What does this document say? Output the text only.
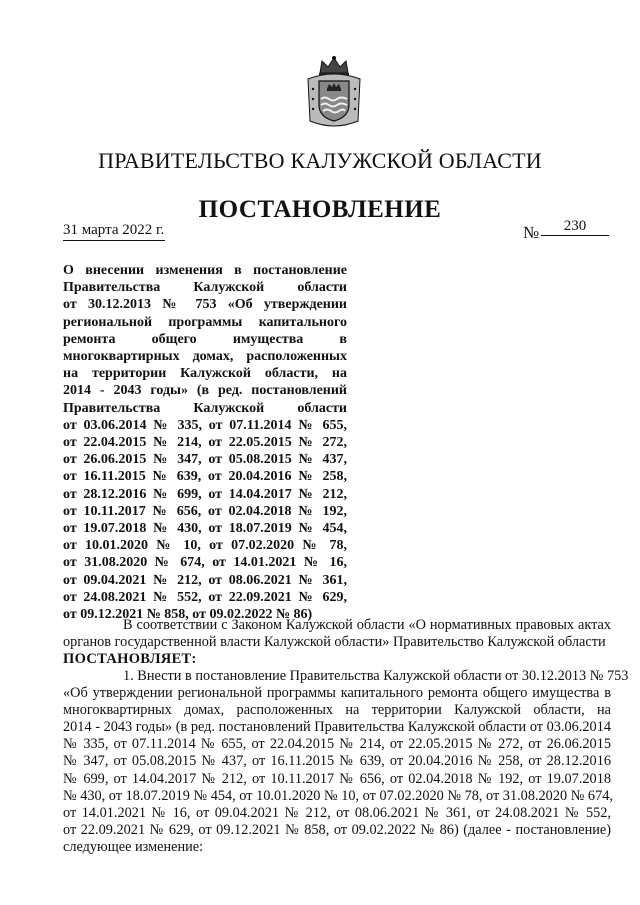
ПРАВИТЕЛЬСТВО КАЛУЖСКОЙ ОБЛАСТИ
ПОСТАНОВЛЕНИЕ
31 марта 2022 г.	№	230
О внесении изменения в постановление
Правительства Калужской области
от 30.12.2013 № 753 «Об утверждении
региональной программы капитального
ремонта общего имущества в
многоквартирных домах, расположенных
на территории Калужской области, на
2014 - 2043 годы» (в ред. постановлений
Правительства Калужской области
от 03.06.2014 № 335, от 07.11.2014 № 655,
от 22.04.2015 № 214, от 22.05.2015 № 272,
от 26.06.2015 № 347, от 05.08.2015 № 437,
от 16.11.2015 № 639, от 20.04.2016 № 258,
от 28.12.2016 № 699, от 14.04.2017 № 212,
от 10.11.2017 № 656, от 02.04.2018 № 192,
от 19.07.2018 № 430, от 18.07.2019 № 454,
от 10.01.2020 № 10, от 07.02.2020 № 78,
от 31.08.2020 № 674, от 14.01.2021 № 16,
от 09.04.2021 № 212, от 08.06.2021 № 361,
от 24.08.2021 № 552, от 22.09.2021 № 629,
от 09.12.2021 № 858, от 09.02.2022 № 86)
В соответствии с Законом Калужской области «О нормативных правовых актах
органов государственной власти Калужской области» Правительство Калужской области
ПОСТАНОВЛЯЕТ:
1. Внести в постановление Правительства Калужской области от 30.12.2013 № 753
«Об утверждении региональной программы капитального ремонта общего имущества в
многоквартирных домах, расположенных на территории Калужской области, на
2014 - 2043 годы» (в ред. постановлений Правительства Калужской области от 03.06.2014
№ 335, от 07.11.2014 № 655, от 22.04.2015 № 214, от 22.05.2015 № 272, от 26.06.2015
№ 347, от 05.08.2015 № 437, от 16.11.2015 № 639, от 20.04.2016 № 258, от 28.12.2016
№ 699, от 14.04.2017 № 212, от 10.11.2017 № 656, от 02.04.2018 № 192, от 19.07.2018
№ 430, от 18.07.2019 № 454, от 10.01.2020 № 10, от 07.02.2020 № 78, от 31.08.2020 № 674,
от 14.01.2021 № 16, от 09.04.2021 № 212, от 08.06.2021 № 361, от 24.08.2021 № 552,
от 22.09.2021 № 629, от 09.12.2021 № 858, от 09.02.2022 № 86) (далее - постановление)
следующее изменение:
